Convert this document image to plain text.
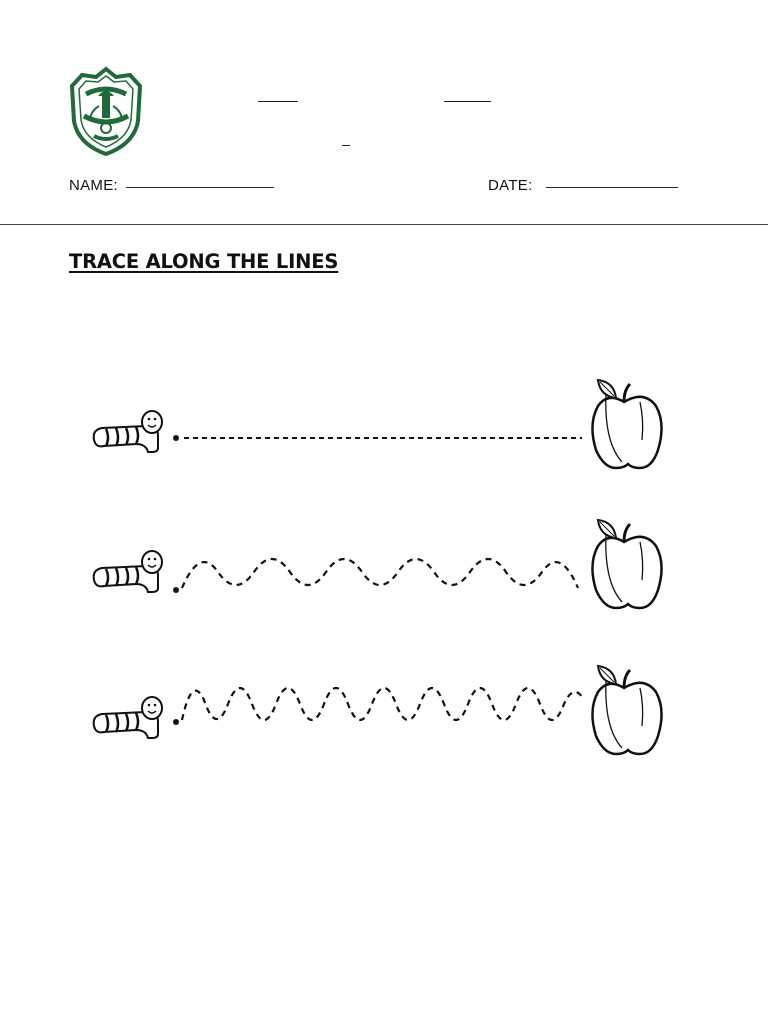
NAME:	DATE:
TRACE ALONG THE LINES
